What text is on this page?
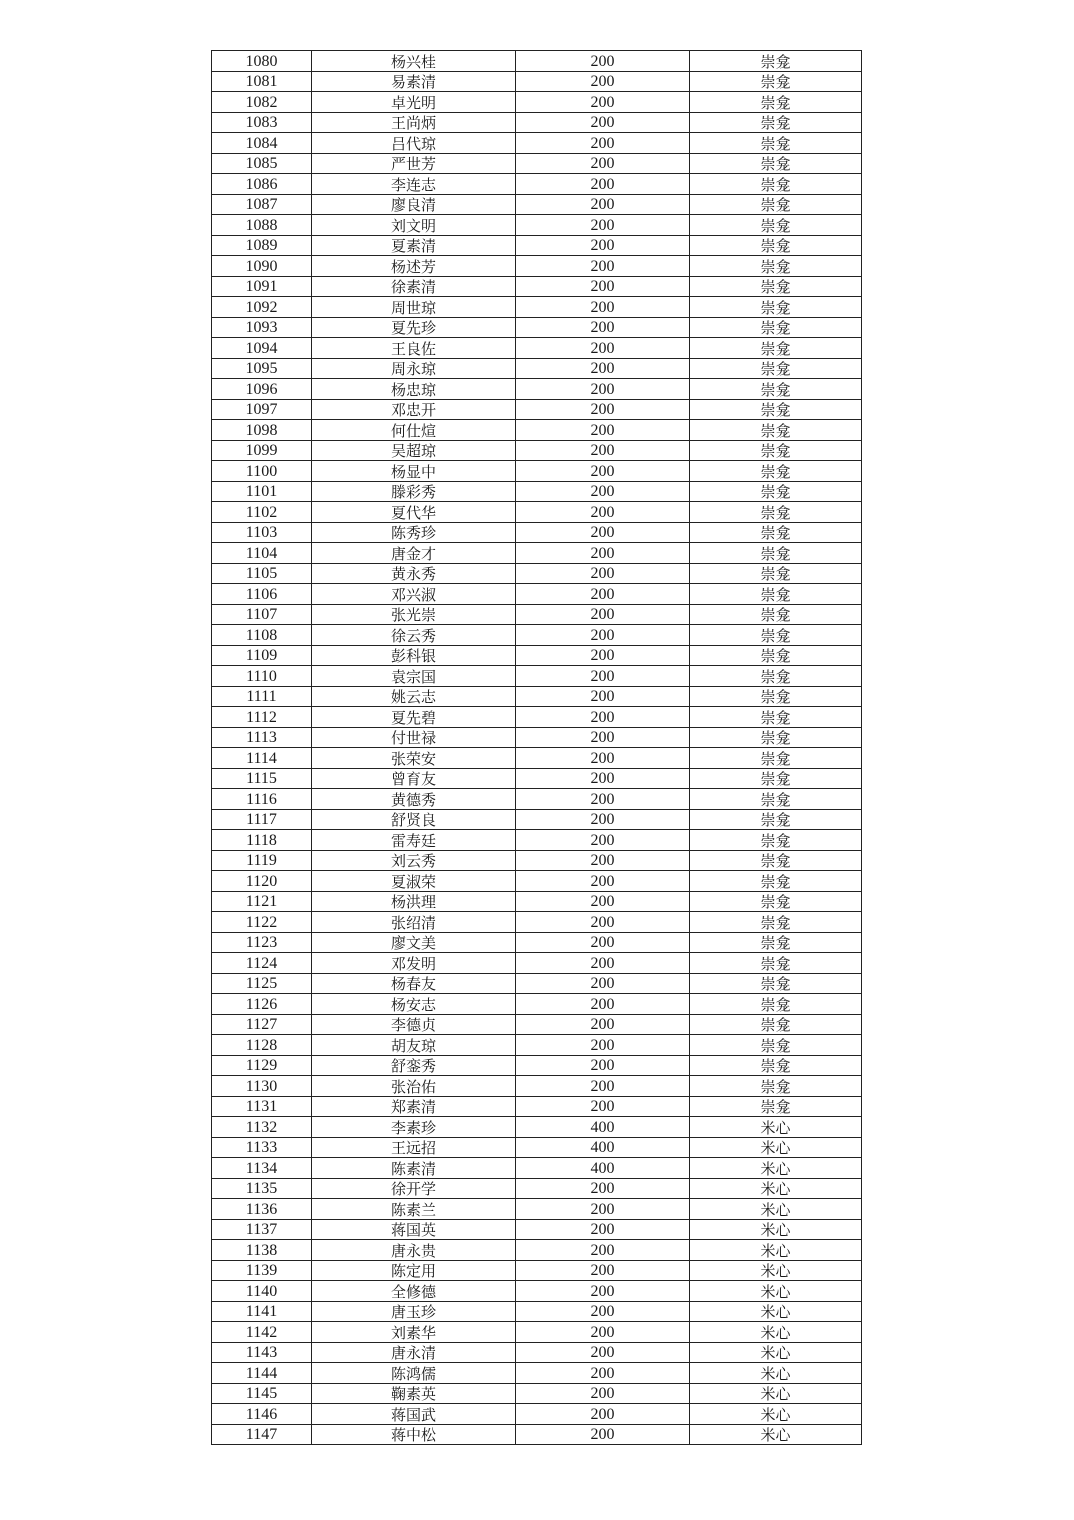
1080	杨兴桂	200	崇龛
1081	易素清	200	崇龛
1082	卓光明	200	崇龛
1083	王尚炳	200	崇龛
1084	吕代琼	200	崇龛
1085	严世芳	200	崇龛
1086	李连志	200	崇龛
1087	廖良清	200	崇龛
1088	刘文明	200	崇龛
1089	夏素清	200	崇龛
1090	杨述芳	200	崇龛
1091	徐素清	200	崇龛
1092	周世琼	200	崇龛
1093	夏先珍	200	崇龛
1094	王良佐	200	崇龛
1095	周永琼	200	崇龛
1096	杨忠琼	200	崇龛
1097	邓忠开	200	崇龛
1098	何仕煊	200	崇龛
1099	吴超琼	200	崇龛
1100	杨显中	200	崇龛
1101	滕彩秀	200	崇龛
1102	夏代华	200	崇龛
1103	陈秀珍	200	崇龛
1104	唐金才	200	崇龛
1105	黄永秀	200	崇龛
1106	邓兴淑	200	崇龛
1107	张光崇	200	崇龛
1108	徐云秀	200	崇龛
1109	彭科银	200	崇龛
1110	袁宗国	200	崇龛
1111	姚云志	200	崇龛
1112	夏先碧	200	崇龛
1113	付世禄	200	崇龛
1114	张荣安	200	崇龛
1115	曾育友	200	崇龛
1116	黄德秀	200	崇龛
1117	舒贤良	200	崇龛
1118	雷寿廷	200	崇龛
1119	刘云秀	200	崇龛
1120	夏淑荣	200	崇龛
1121	杨洪理	200	崇龛
1122	张绍清	200	崇龛
1123	廖文美	200	崇龛
1124	邓发明	200	崇龛
1125	杨春友	200	崇龛
1126	杨安志	200	崇龛
1127	李德贞	200	崇龛
1128	胡友琼	200	崇龛
1129	舒銮秀	200	崇龛
1130	张治佑	200	崇龛
1131	郑素清	200	崇龛
1132	李素珍	400	米心
1133	王远招	400	米心
1134	陈素清	400	米心
1135	徐开学	200	米心
1136	陈素兰	200	米心
1137	蒋国英	200	米心
1138	唐永贵	200	米心
1139	陈定用	200	米心
1140	全修德	200	米心
1141	唐玉珍	200	米心
1142	刘素华	200	米心
1143	唐永清	200	米心
1144	陈鸿儒	200	米心
1145	鞠素英	200	米心
1146	蒋国武	200	米心
1147	蒋中松	200	米心
